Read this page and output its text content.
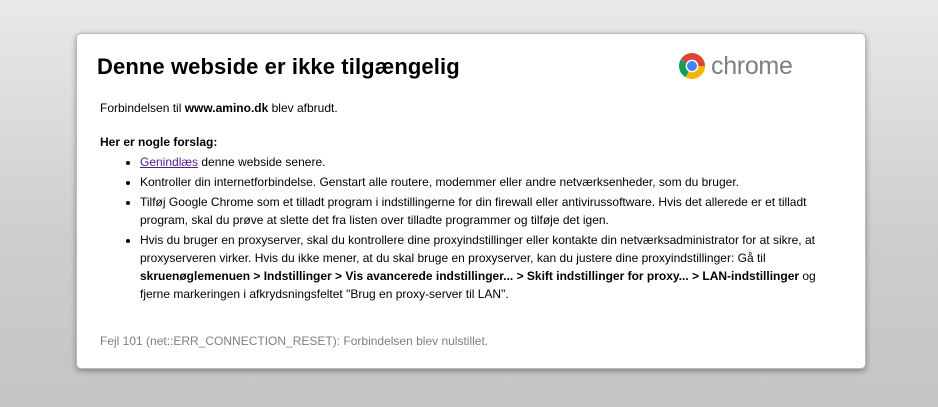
Denne webside er ikke tilgængelig	chrome

Forbindelsen til www.amino.dk blev afbrudt.

Her er nogle forslag:

• Genindlæs denne webside senere.
• Kontroller din internetforbindelse. Genstart alle routere, modemmer eller andre netværksenheder, som du bruger.
• Tilføj Google Chrome som et tilladt program i indstillingerne for din firewall eller antivirussoftware. Hvis det allerede er et tilladt program, skal du prøve at slette det fra listen over tilladte programmer og tilføje det igen.
• Hvis du bruger en proxyserver, skal du kontrollere dine proxyindstillinger eller kontakte din netværksadministrator for at sikre, at proxyserveren virker. Hvis du ikke mener, at du skal bruge en proxyserver, kan du justere dine proxyindstillinger: Gå til skruenøglemenuen > Indstillinger > Vis avancerede indstillinger... > Skift indstillinger for proxy... > LAN-indstillinger og fjerne markeringen i afkrydsningsfeltet "Brug en proxy-server til LAN".

Fejl 101 (net::ERR_CONNECTION_RESET): Forbindelsen blev nulstillet.
